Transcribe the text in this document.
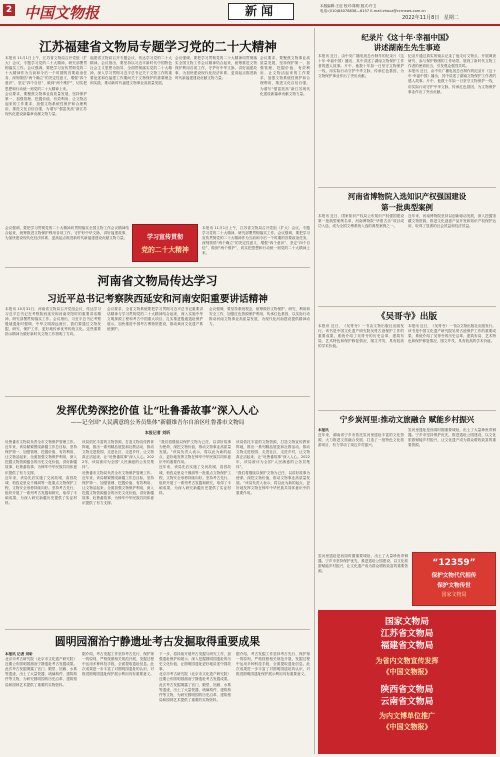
2 中国文物报	新闻	本版编辑:王征 校对:陈桐 版式:许卫
电话:(010)84078838—6157 E-mail:zhouz@ccrnews.com.cn
2022年11月8日 星期二
江苏福建省文物局专题学习党的二十大精神

本报讯 11月1日上午，江苏省文物局召开党组（扩大）会议，专题学习党的二十大精神，研究部署贯彻落实工作。会议强调，要把学习宣传贯彻党的二十大精神作为当前和今后一个时期的首要政治任务，深刻领悟“两个确立”的决定性意义，增强“四个意识”、坚定“四个自信”、做到“两个维护”，切实把思想和行动统一到党的二十大精神上来。

会议要求，要聚焦文物事业高质量发展，坚持保护第一、加强管理、挖掘价值、有效利用、让文物活起来的工作要求，加强文物系统性保护和合理利用，推进文化自信自强，为谱写“强富美高”新江苏现代化建设新篇章贡献文物力量。

福建省文物局召开专题会议，传达学习党的二十大精神。会议指出，要坚持以习近平新时代中国特色社会主义思想为指导，全面贯彻落实党的二十大精神，深入学习贯彻习近平总书记关于文物工作的重要论述和在福建工作期间关于文物保护的重要理念和实践，推动新时代福建文物事业高质量发展。

会议强调，要把学习贯彻党的二十大精神同贯彻落实全国文物工作会议精神结合起来，统筹推进文物保护利用各项工作，守护好中华文脉，讲好福建故事，为加快建设现代化经济体系、更高起点推进新时代新福建建设贡献文物力量。

会议要求，要聚焦文物事业高质量发展，坚持保护第一、加强管理、挖掘价值、有效利用、让文物活起来的工作要求，加强文物系统性保护和合理利用，推进文化自信自强，为谱写“强富美高”新江苏现代化建设新篇章贡献文物力量。

学习宣传贯彻
党的二十大精神

会议强调，要把学习贯彻党的二十大精神同贯彻落实全国文物工作会议精神结合起来，统筹推进文物保护利用各项工作，守护好中华文脉，讲好福建故事，为加快建设现代化经济体系、更高起点推进新时代新福建建设贡献文物力量。

本报讯 11月1日上午，江苏省文物局召开党组（扩大）会议，专题学习党的二十大精神，研究部署贯彻落实工作。会议强调，要把学习宣传贯彻党的二十大精神作为当前和今后一个时期的首要政治任务，深刻领悟“两个确立”的决定性意义，增强“四个意识”、坚定“四个自信”、做到“两个维护”，切实把思想和行动统一到党的二十大精神上来。

河南省文物局传达学习
习近平总书记考察陕西延安和河南安阳重要讲话精神

本报讯 10月31日，河南省文物局召开党组会议，传达学习习近平总书记在考察陕西延安和河南安阳时的重要讲话精神，研究部署贯彻落实工作。会议指出，习近平总书记考察殷墟遗址时强调，中华文明源远流长，我们要通过文物发掘、研究、保护工作，更好地传承优秀传统文化。这些重要指示精神为做好新时代文物工作指明了方向。

会议要求，全省文物系统要把学习贯彻习近平总书记重要讲话精神与学习贯彻党的二十大精神结合起来，深入实施中华文明探源工程和考古中国重大项目，扎实推进殷墟遗址保护展示，加快推进中国考古博物馆建设，推动黄河文化遗产系统保护。

会议强调，要坚持系统观念，统筹做好文物保护、研究、利用和安全工作，加强红色资源保护利用，传承红色基因，以实际行动推动河南文物事业高质量发展，为现代化河南建设提供精神动力。

发挥优势深挖价值 让“吐鲁番故事”深入人心
——记全国“人民满意的公务员集体”新疆维吾尔自治区吐鲁番市文物局
本报记者 刘昕

吐鲁番市文物局负责全市文物保护管理工作。近年来，该局紧紧围绕新疆工作总目标，坚持保护第一、加强管理、挖掘价值、有效利用、让文物活起来，全面加强文物保护利用，深入挖掘文物资源蕴含的历史文化价值，讲好新疆故事、吐鲁番故事，为铸牢中华民族共同体意识提供了有力支撑。

近年来，该局先后实施了交河故城、高昌故城、柏孜克里克千佛洞等一批重点文物保护工程，文物安全形势持续向好。坚持考古先行，组织开展了一系列考古发掘和研究，取得了丰硕成果，为深入研究新疆历史提供了实证材料。

该局依托丰富的文物资源，打造文物宣传教育阵地，推出一系列精品展览和社教活动，推动文物走进校园、走进社区、走进乡村，让文物真正活起来，让“吐鲁番故事”深入人心。2022年，该局被评为全国“人民满意的公务员集体”。

吐鲁番市文物局负责全市文物保护管理工作。近年来，该局紧紧围绕新疆工作总目标，坚持保护第一、加强管理、挖掘价值、有效利用、让文物活起来，全面加强文物保护利用，深入挖掘文物资源蕴含的历史文化价值，讲好新疆故事、吐鲁番故事，为铸牢中华民族共同体意识提供了有力支撑。

“我们将继续以保护文物为己任，以讲好故事为使命，深挖文物价值，推动文物事业高质量发展。”该局负责人表示，将以此为新的起点，更好地发挥文物在铸牢中华民族共同体意识中的重要作用。

近年来，该局先后实施了交河故城、高昌故城、柏孜克里克千佛洞等一批重点文物保护工程，文物安全形势持续向好。坚持考古先行，组织开展了一系列考古发掘和研究，取得了丰硕成果，为深入研究新疆历史提供了实证材料。

该局依托丰富的文物资源，打造文物宣传教育阵地，推出一系列精品展览和社教活动，推动文物走进校园、走进社区、走进乡村，让文物真正活起来，让“吐鲁番故事”深入人心。2022年，该局被评为全国“人民满意的公务员集体”。

“我们将继续以保护文物为己任，以讲好故事为使命，深挖文物价值，推动文物事业高质量发展。”该局负责人表示，将以此为新的起点，更好地发挥文物在铸牢中华民族共同体意识中的重要作用。

圆明园溜治宁静遗址考古发掘取得重要成果

本报讯 记者 刘昕

北京市考古研究院（北京市文化遗产研究院）近期公布圆明园溜治宁静遗址考古发掘成果。此次考古发掘揭露了宫门、殿堂、回廊、水系等遗迹，出土了大量瓷器、琉璃构件、建筑构件等文物，为研究圆明园的历史沿革、建筑格局和园林艺术提供了重要的实物资料。

据介绍，考古发掘工作坚持考古先行、保护第一的原则，严格按照相关规范开展，发掘过程中运用多种科技手段，全面提取遗址信息。此次成果进一步丰富了对圆明园遗址的认识，对推进圆明园遗址保护展示利用具有重要意义。

下一步，将持续开展考古发掘与研究工作，加强遗址保护和展示，深入挖掘圆明园遗址的历史文化价值，让圆明园遗址更好地讲述中国故事。

北京市考古研究院（北京市文化遗产研究院）近期公布圆明园溜治宁静遗址考古发掘成果。此次考古发掘揭露了宫门、殿堂、回廊、水系等遗迹，出土了大量瓷器、琉璃构件、建筑构件等文物，为研究圆明园的历史沿革、建筑格局和园林艺术提供了重要的实物资料。

据介绍，考古发掘工作坚持考古先行、保护第一的原则，严格按照相关规范开展，发掘过程中运用多种科技手段，全面提取遗址信息。此次成果进一步丰富了对圆明园遗址的认识，对推进圆明园遗址保护展示利用具有重要意义。

纪录片《这十年·幸福中国》
讲述湖南生先生事迹

本报讯 近日，由中央广播电视总台制作的纪录片《这十年·幸福中国》播出，其中讲述了湖南文物保护工作者的感人故事。片中，他数十年如一日坚守文物保护一线，用实际行动守护中华文脉，传承红色基因，为文物保护事业作出了突出贡献。

纪录片通过真实的镜头记录了他走访文物点、开展调查研究、参与保护修缮的工作场景，展现了新时代文物工作者的使命担当，引发观众强烈共鸣。

本报讯 近日，由中央广播电视总台制作的纪录片《这十年·幸福中国》播出，其中讲述了湖南文物保护工作者的感人故事。片中，他数十年如一日坚守文物保护一线，用实际行动守护中华文脉，传承红色基因，为文物保护事业作出了突出贡献。

河南省博物院入选知识产权强国建设
第一批典型案例

本报讯 近日，国家知识产权局公布知识产权强国建设第一批典型案例名单，河南博物院“华夏古乐”项目成功入选，成为全国文博系统入选的典型案例之一。

近年来，河南博物院坚持以创新驱动发展，深入挖掘馆藏文物资源，推进文化创意产品开发和知识产权保护运用，取得了显著的社会效益和经济效益。

《吴哥寺》出版

本报讯 近日，《吴哥寺》一书由文物出版社出版发行。该书是中国文化遗产研究院吴哥古迹保护工作的重要成果，系统介绍了吴哥寺的历史沿革、建筑布局、艺术特色和保护修复情况，图文并茂，具有较高的学术价值。

本报讯 近日，《吴哥寺》一书由文物出版社出版发行。该书是中国文化遗产研究院吴哥古迹保护工作的重要成果，系统介绍了吴哥寺的历史沿革、建筑布局、艺术特色和保护修复情况，图文并茂，具有较高的学术价值。

宁乡炭河里:推动文旅融合 赋能乡村振兴

本报讯

近年来，湖南省宁乡市依托炭河里遗址丰富的文化资源，大力推进文旅融合发展，打造了一批特色文化旅游项目，有力带动了周边乡村振兴。

炭河里遗址是西周时期重要城址，出土了大量珍贵青铜器。宁乡市坚持保护优先，推进遗址公园建设，以文化旅游赋能乡村振兴，让文化遗产成为群众增收致富的重要资源。

“12359”
保护文物代代相传
保护文物传世
国家文物局

炭河里遗址是西周时期重要城址，出土了大量珍贵青铜器。宁乡市坚持保护优先，推进遗址公园建设，以文化旅游赋能乡村振兴，让文化遗产成为群众增收致富的重要资源。

国家文物局
江苏省文物局
福建省文物局
为省内文物宣传发挥
《中国文物报》
陕西省文物局
云南省文物局
为内文博单位推广
《中国文物报》
